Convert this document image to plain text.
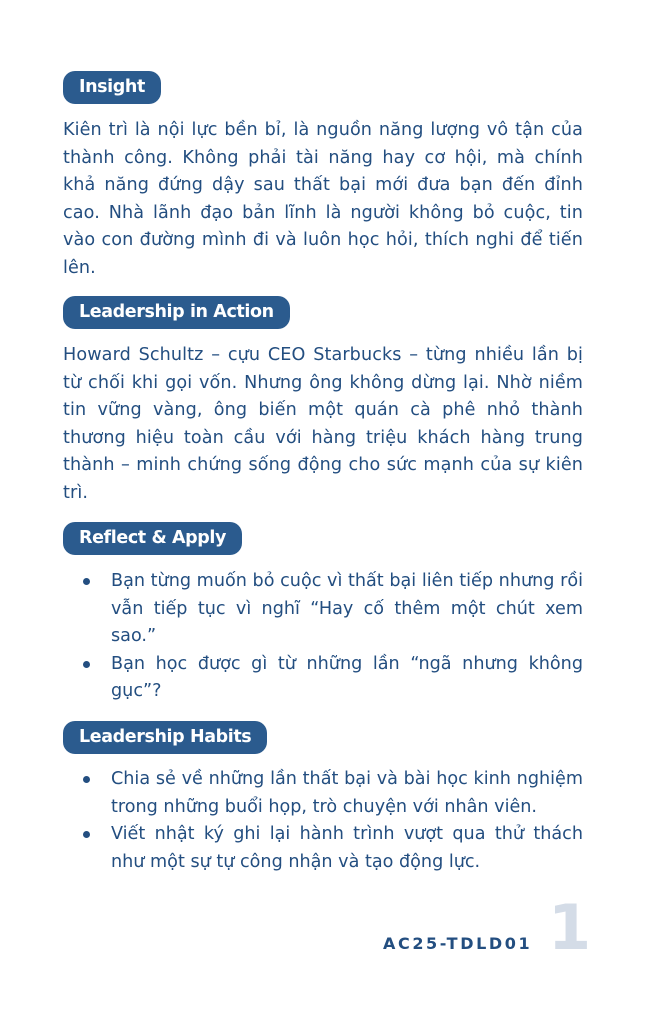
Insight

Kiên trì là nội lực bền bỉ, là nguồn năng lượng vô tận của thành công. Không phải tài năng hay cơ hội, mà chính khả năng đứng dậy sau thất bại mới đưa bạn đến đỉnh cao. Nhà lãnh đạo bản lĩnh là người không bỏ cuộc, tin vào con đường mình đi và luôn học hỏi, thích nghi để tiến lên.

Leadership in Action

Howard Schultz – cựu CEO Starbucks – từng nhiều lần bị từ chối khi gọi vốn. Nhưng ông không dừng lại. Nhờ niềm tin vững vàng, ông biến một quán cà phê nhỏ thành thương hiệu toàn cầu với hàng triệu khách hàng trung thành – minh chứng sống động cho sức mạnh của sự kiên trì.

Reflect & Apply
Bạn từng muốn bỏ cuộc vì thất bại liên tiếp nhưng rồi vẫn tiếp tục vì nghĩ “Hay cố thêm một chút xem sao.”
Bạn học được gì từ những lần “ngã nhưng không gục”?
Leadership Habits
Chia sẻ về những lần thất bại và bài học kinh nghiệm trong những buổi họp, trò chuyện với nhân viên.
Viết nhật ký ghi lại hành trình vượt qua thử thách như một sự tự công nhận và tạo động lực.
AC25-TDLD01 1
